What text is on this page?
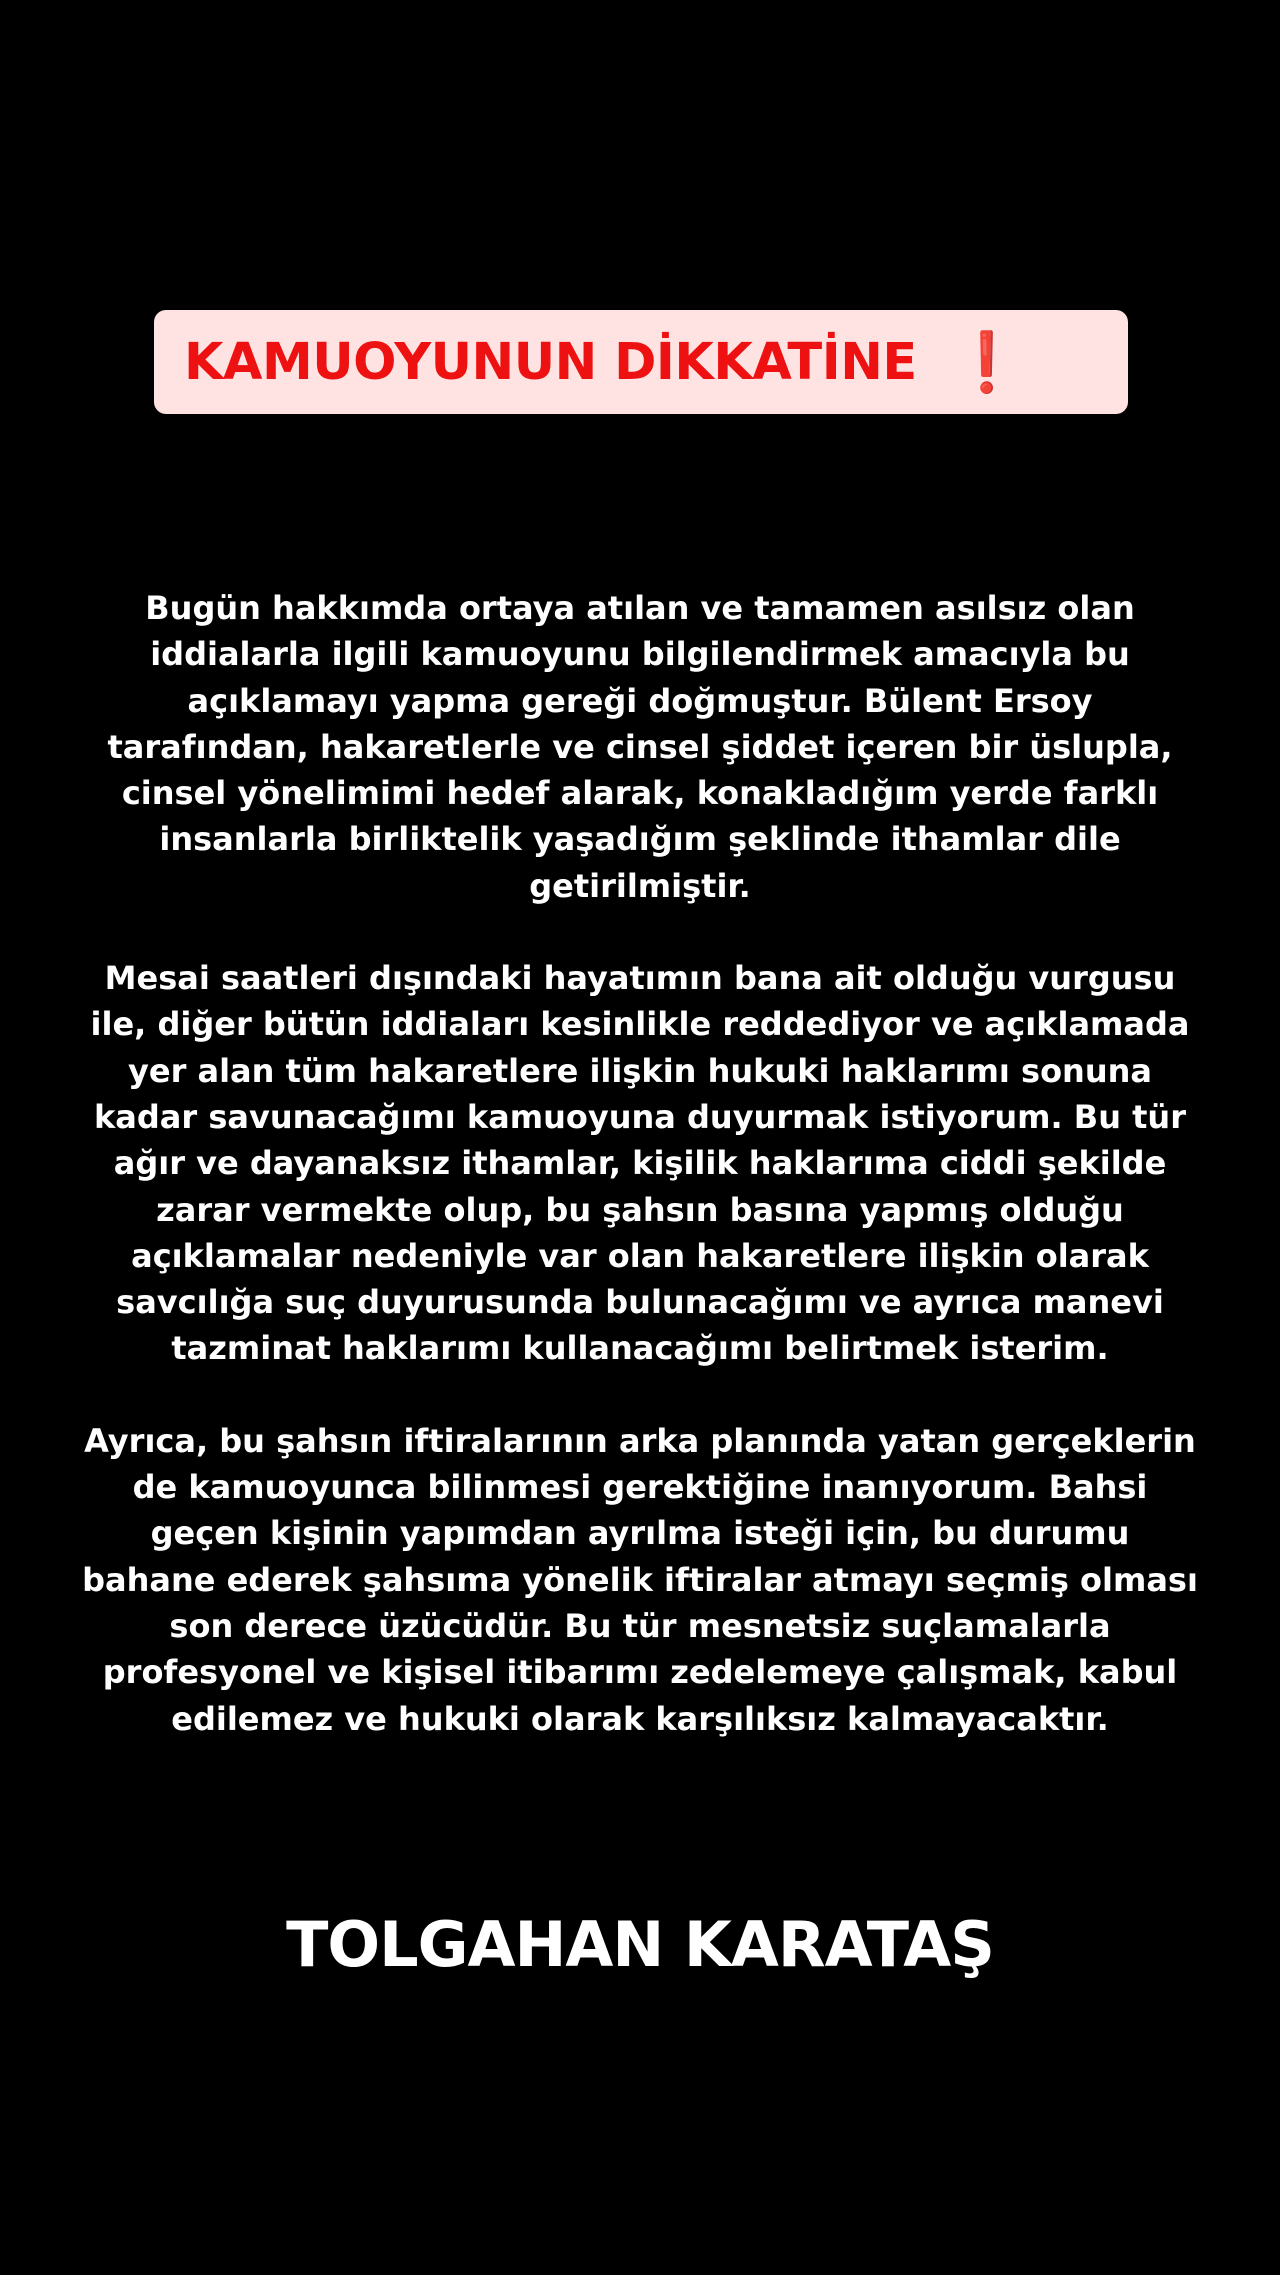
KAMUOYUNUN DİKKATİNE ❗
Bugün hakkımda ortaya atılan ve tamamen asılsız olan
iddialarla ilgili kamuoyunu bilgilendirmek amacıyla bu
açıklamayı yapma gereği doğmuştur. Bülent Ersoy
tarafından, hakaretlerle ve cinsel şiddet içeren bir üslupla,
cinsel yönelimimi hedef alarak, konakladığım yerde farklı
insanlarla birliktelik yaşadığım şeklinde ithamlar dile
getirilmiştir.
Mesai saatleri dışındaki hayatımın bana ait olduğu vurgusu
ile, diğer bütün iddiaları kesinlikle reddediyor ve açıklamada
yer alan tüm hakaretlere ilişkin hukuki haklarımı sonuna
kadar savunacağımı kamuoyuna duyurmak istiyorum. Bu tür
ağır ve dayanaksız ithamlar, kişilik haklarıma ciddi şekilde
zarar vermekte olup, bu şahsın basına yapmış olduğu
açıklamalar nedeniyle var olan hakaretlere ilişkin olarak
savcılığa suç duyurusunda bulunacağımı ve ayrıca manevi
tazminat haklarımı kullanacağımı belirtmek isterim.
Ayrıca, bu şahsın iftiralarının arka planında yatan gerçeklerin
de kamuoyunca bilinmesi gerektiğine inanıyorum. Bahsi
geçen kişinin yapımdan ayrılma isteği için, bu durumu
bahane ederek şahsıma yönelik iftiralar atmayı seçmiş olması
son derece üzücüdür. Bu tür mesnetsiz suçlamalarla
profesyonel ve kişisel itibarımı zedelemeye çalışmak, kabul
edilemez ve hukuki olarak karşılıksız kalmayacaktır.
TOLGAHAN KARATAŞ
